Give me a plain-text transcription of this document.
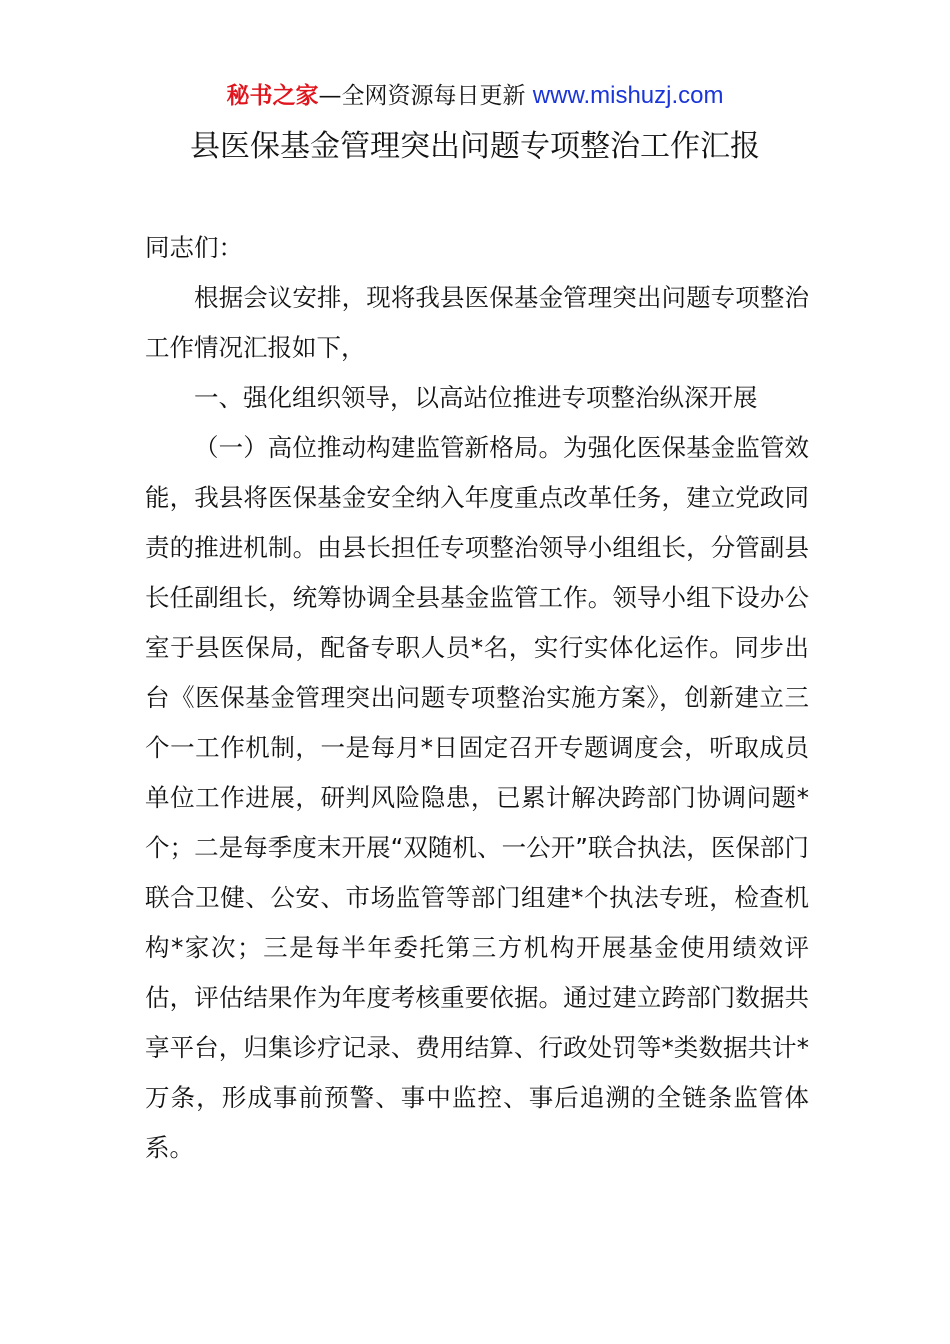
秘书之家—全网资源每日更新 www.mishuzj.com
县医保基金管理突出问题专项整治工作汇报

同志们：

根据会议安排，现将我县医保基金管理突出问题专项整治工作情况汇报如下，

一、强化组织领导，以高站位推进专项整治纵深开展

（一）高位推动构建监管新格局。为强化医保基金监管效能，我县将医保基金安全纳入年度重点改革任务，建立党政同责的推进机制。由县长担任专项整治领导小组组长，分管副县长任副组长，统筹协调全县基金监管工作。领导小组下设办公室于县医保局，配备专职人员*名，实行实体化运作。同步出台《医保基金管理突出问题专项整治实施方案》，创新建立三个一工作机制，一是每月*日固定召开专题调度会，听取成员单位工作进展，研判风险隐患，已累计解决跨部门协调问题*个；二是每季度末开展“双随机、一公开”联合执法，医保部门联合卫健、公安、市场监管等部门组建*个执法专班，检查机构*家次；三是每半年委托第三方机构开展基金使用绩效评估，评估结果作为年度考核重要依据。通过建立跨部门数据共享平台，归集诊疗记录、费用结算、行政处罚等*类数据共计*万条，形成事前预警、事中监控、事后追溯的全链条监管体系。
